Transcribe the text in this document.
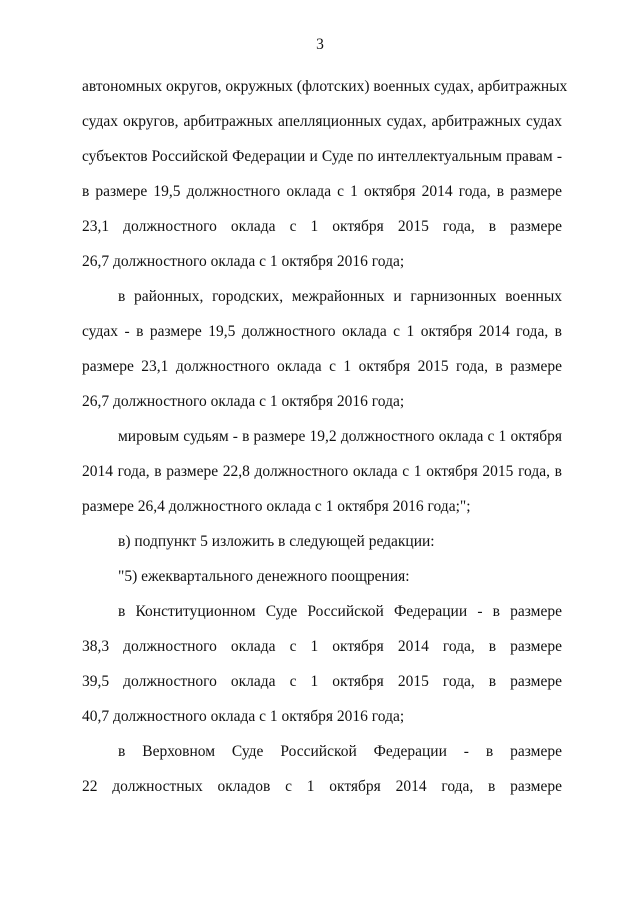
3
автономных округов, окружных (флотских) военных судах, арбитражных
судах округов, арбитражных апелляционных судах, арбитражных судах
субъектов Российской Федерации и Суде по интеллектуальным правам -
в размере 19,5 должностного оклада с 1 октября 2014 года, в размере
23,1 должностного оклада с 1 октября 2015 года, в размере
26,7 должностного оклада с 1 октября 2016 года;
в районных, городских, межрайонных и гарнизонных военных
судах - в размере 19,5 должностного оклада с 1 октября 2014 года, в
размере 23,1 должностного оклада с 1 октября 2015 года, в размере
26,7 должностного оклада с 1 октября 2016 года;
мировым судьям - в размере 19,2 должностного оклада с 1 октября
2014 года, в размере 22,8 должностного оклада с 1 октября 2015 года, в
размере 26,4 должностного оклада с 1 октября 2016 года;";
в) подпункт 5 изложить в следующей редакции:
"5) ежеквартального денежного поощрения:
в Конституционном Суде Российской Федерации - в размере
38,3 должностного оклада с 1 октября 2014 года, в размере
39,5 должностного оклада с 1 октября 2015 года, в размере
40,7 должностного оклада с 1 октября 2016 года;
в Верховном Суде Российской Федерации - в размере
22 должностных окладов с 1 октября 2014 года, в размере
